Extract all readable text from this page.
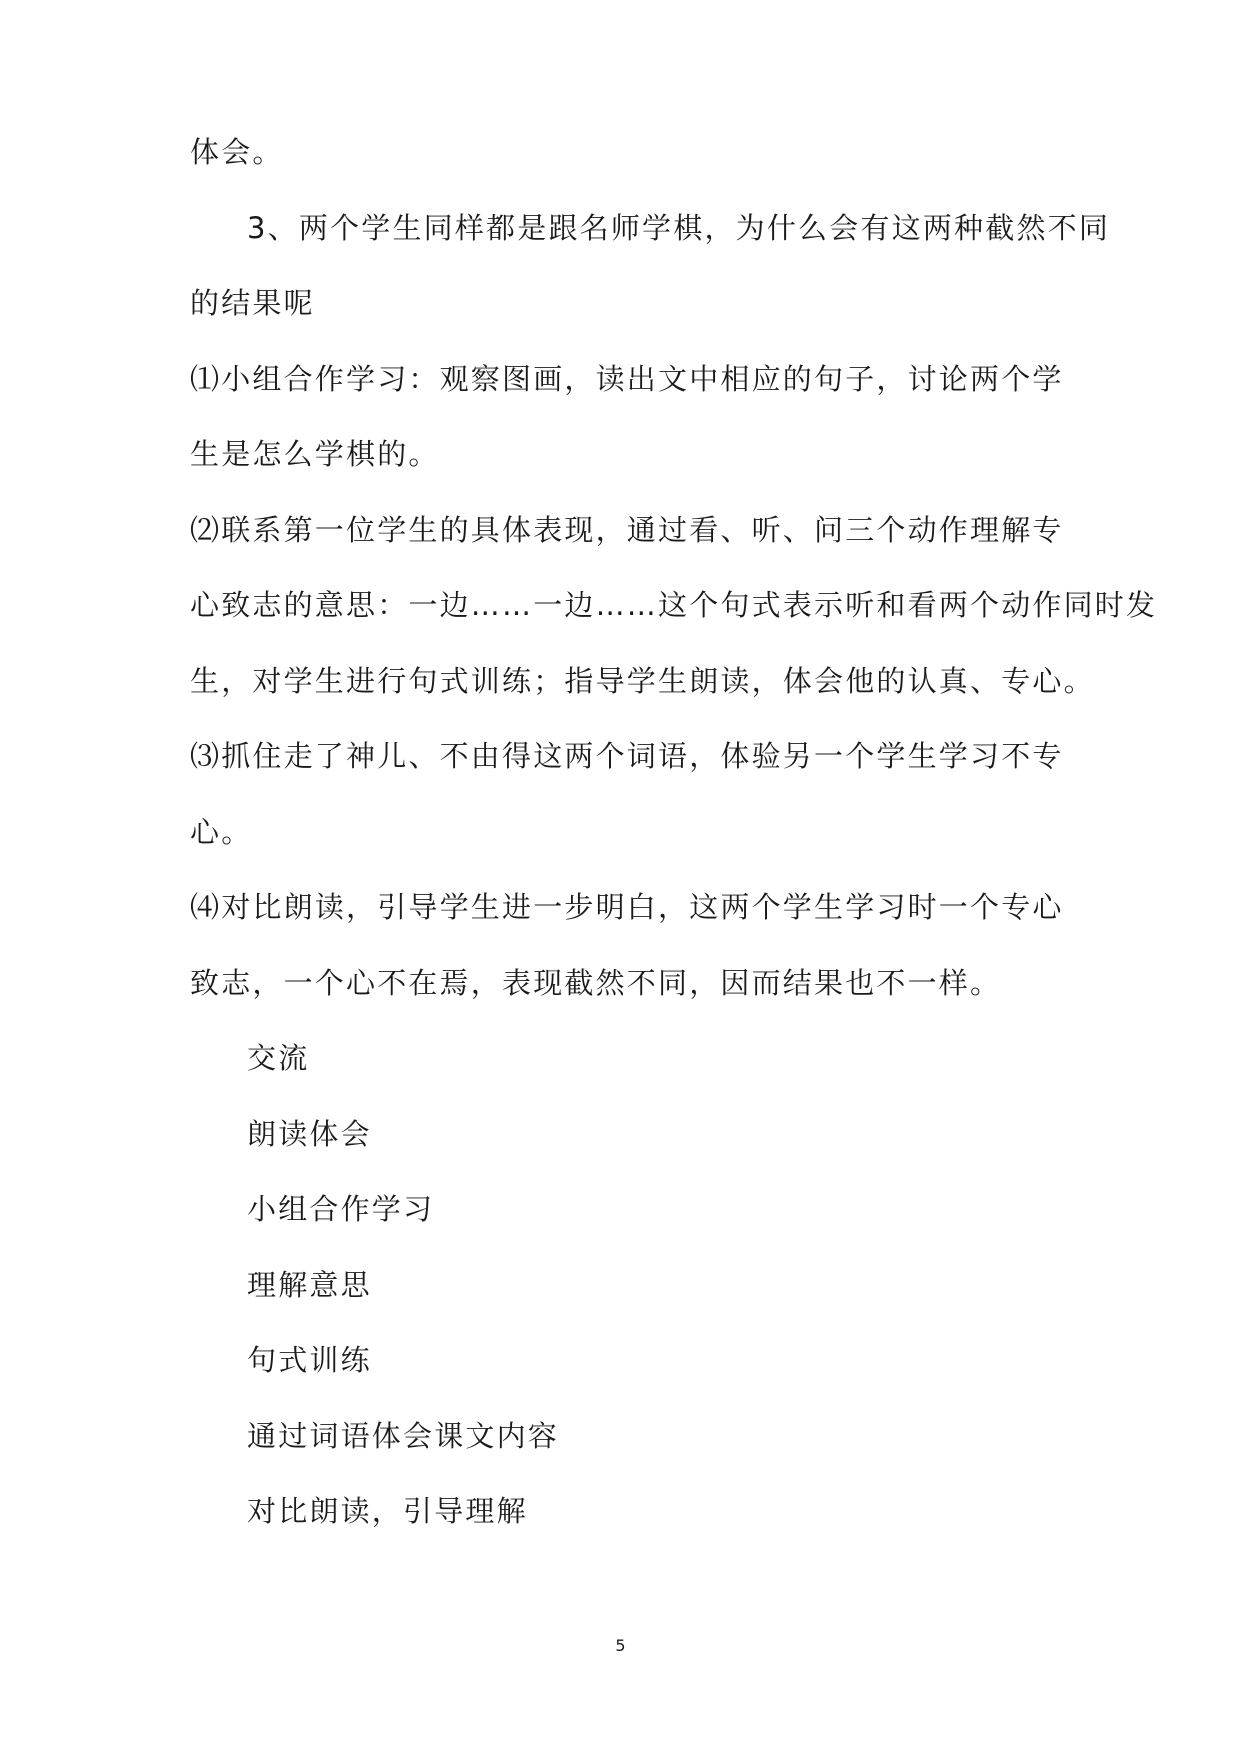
体会。
3、两个学生同样都是跟名师学棋，为什么会有这两种截然不同
的结果呢
⑴小组合作学习：观察图画，读出文中相应的句子，讨论两个学
生是怎么学棋的。
⑵联系第一位学生的具体表现，通过看、听、问三个动作理解专
心致志的意思：一边……一边……这个句式表示听和看两个动作同时发
生，对学生进行句式训练；指导学生朗读，体会他的认真、专心。
⑶抓住走了神儿、不由得这两个词语，体验另一个学生学习不专
心。
⑷对比朗读，引导学生进一步明白，这两个学生学习时一个专心
致志，一个心不在焉，表现截然不同，因而结果也不一样。
交流
朗读体会
小组合作学习
理解意思
句式训练
通过词语体会课文内容
对比朗读，引导理解
5
